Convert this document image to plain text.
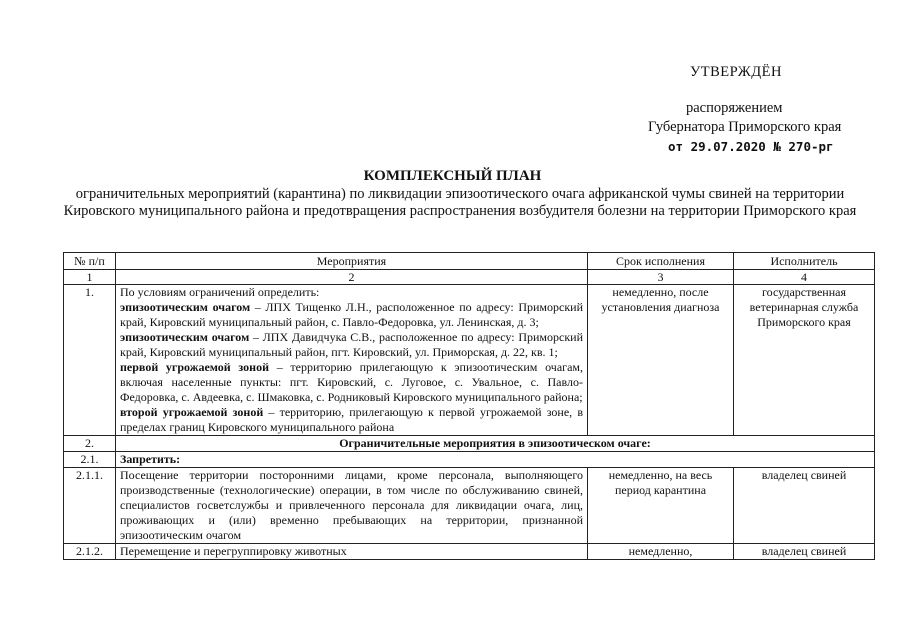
УТВЕРЖДЁН
распоряжением
Губернатора Приморского края
от 29.07.2020 № 270-рг
КОМПЛЕКСНЫЙ ПЛАН
ограничительных мероприятий (карантина) по ликвидации эпизоотического очага африканской чумы свиней на территории Кировского муниципального района и предотвращения распространения возбудителя болезни на территории Приморского края
№ п/п	Мероприятия	Срок исполнения	Исполнитель
1	2	3	4
1.	По условиям ограничений определить:
эпизоотическим очагом – ЛПХ Тищенко Л.Н., расположенное по адресу: Приморский край, Кировский муниципальный район, с. Павло-Федоровка, ул. Ленинская, д. 3;
эпизоотическим очагом – ЛПХ Давидчука С.В., расположенное по адресу: Приморский край, Кировский муниципальный район, пгт. Кировский, ул. Приморская, д. 22, кв. 1;
первой угрожаемой зоной – территорию прилегающую к эпизоотическим очагам, включая населенные пункты: пгт. Кировский, с. Луговое, с. Увальное, с. Павло-Федоровка, с. Авдеевка, с. Шмаковка, с. Родниковый Кировского муниципального района;
второй угрожаемой зоной – территорию, прилегающую к первой угрожаемой зоне, в пределах границ Кировского муниципального района	немедленно, после установления диагноза	государственная ветеринарная служба Приморского края
2.	Ограничительные мероприятия в эпизоотическом очаге:		
2.1.	Запретить:		
2.1.1.	Посещение территории посторонними лицами, кроме персонала, выполняющего производственные (технологические) операции, в том числе по обслуживанию свиней, специалистов госветслужбы и привлеченного персонала для ликвидации очага, лиц, проживающих и (или) временно пребывающих на территории, признанной эпизоотическим очагом	немедленно, на весь период карантина	владелец свиней
2.1.2.	Перемещение и перегруппировку животных	немедленно,	владелец свиней
